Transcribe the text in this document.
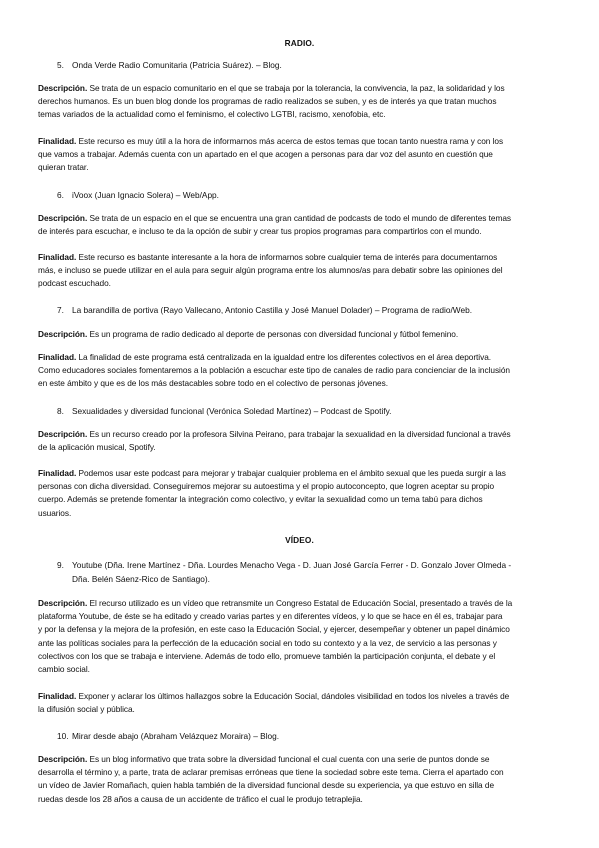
RADIO.
5. Onda Verde Radio Comunitaria (Patricia Suárez). – Blog.
Descripción. Se trata de un espacio comunitario en el que se trabaja por la tolerancia, la convivencia, la paz, la solidaridad y los
derechos humanos. Es un buen blog donde los programas de radio realizados se suben, y es de interés ya que tratan muchos
temas variados de la actualidad como el feminismo, el colectivo LGTBI, racismo, xenofobia, etc.
Finalidad. Este recurso es muy útil a la hora de informarnos más acerca de estos temas que tocan tanto nuestra rama y con los
que vamos a trabajar. Además cuenta con un apartado en el que acogen a personas para dar voz del asunto en cuestión que
quieran tratar.
6. iVoox (Juan Ignacio Solera) – Web/App.
Descripción. Se trata de un espacio en el que se encuentra una gran cantidad de podcasts de todo el mundo de diferentes temas
de interés para escuchar, e incluso te da la opción de subir y crear tus propios programas para compartirlos con el mundo.
Finalidad. Este recurso es bastante interesante a la hora de informarnos sobre cualquier tema de interés para documentarnos
más, e incluso se puede utilizar en el aula para seguir algún programa entre los alumnos/as para debatir sobre las opiniones del
podcast escuchado.
7. La barandilla de portiva (Rayo Vallecano, Antonio Castilla y José Manuel Dolader) – Programa de radio/Web.
Descripción. Es un programa de radio dedicado al deporte de personas con diversidad funcional y fútbol femenino.
Finalidad. La finalidad de este programa está centralizada en la igualdad entre los diferentes colectivos en el área deportiva.
Como educadores sociales fomentaremos a la población a escuchar este tipo de canales de radio para concienciar de la inclusión
en este ámbito y que es de los más destacables sobre todo en el colectivo de personas jóvenes.
8. Sexualidades y diversidad funcional (Verónica Soledad Martínez) – Podcast de Spotify.
Descripción. Es un recurso creado por la profesora Silvina Peirano, para trabajar la sexualidad en la diversidad funcional a través
de la aplicación musical, Spotify.
Finalidad. Podemos usar este podcast para mejorar y trabajar cualquier problema en el ámbito sexual que les pueda surgir a las
personas con dicha diversidad. Conseguiremos mejorar su autoestima y el propio autoconcepto, que logren aceptar su propio
cuerpo. Además se pretende fomentar la integración como colectivo, y evitar la sexualidad como un tema tabú para dichos
usuarios.
VÍDEO.
9. Youtube (Dña. Irene Martínez - Dña. Lourdes Menacho Vega - D. Juan José García Ferrer - D. Gonzalo Jover Olmeda -
Dña. Belén Sáenz-Rico de Santiago).
Descripción. El recurso utilizado es un vídeo que retransmite un Congreso Estatal de Educación Social, presentado a través de la
plataforma Youtube, de éste se ha editado y creado varias partes y en diferentes vídeos, y lo que se hace en él es, trabajar para
y por la defensa y la mejora de la profesión, en este caso la Educación Social, y ejercer, desempeñar y obtener un papel dinámico
ante las políticas sociales para la perfección de la educación social en todo su contexto y a la vez, de servicio a las personas y
colectivos con los que se trabaja e interviene. Además de todo ello, promueve también la participación conjunta, el debate y el
cambio social.
Finalidad. Exponer y aclarar los últimos hallazgos sobre la Educación Social, dándoles visibilidad en todos los niveles a través de
la difusión social y pública.
10. Mirar desde abajo (Abraham Velázquez Moraira) – Blog.
Descripción. Es un blog informativo que trata sobre la diversidad funcional el cual cuenta con una serie de puntos donde se
desarrolla el término y, a parte, trata de aclarar premisas erróneas que tiene la sociedad sobre este tema. Cierra el apartado con
un vídeo de Javier Romañach, quien habla también de la diversidad funcional desde su experiencia, ya que estuvo en silla de
ruedas desde los 28 años a causa de un accidente de tráfico el cual le produjo tetraplejia.
